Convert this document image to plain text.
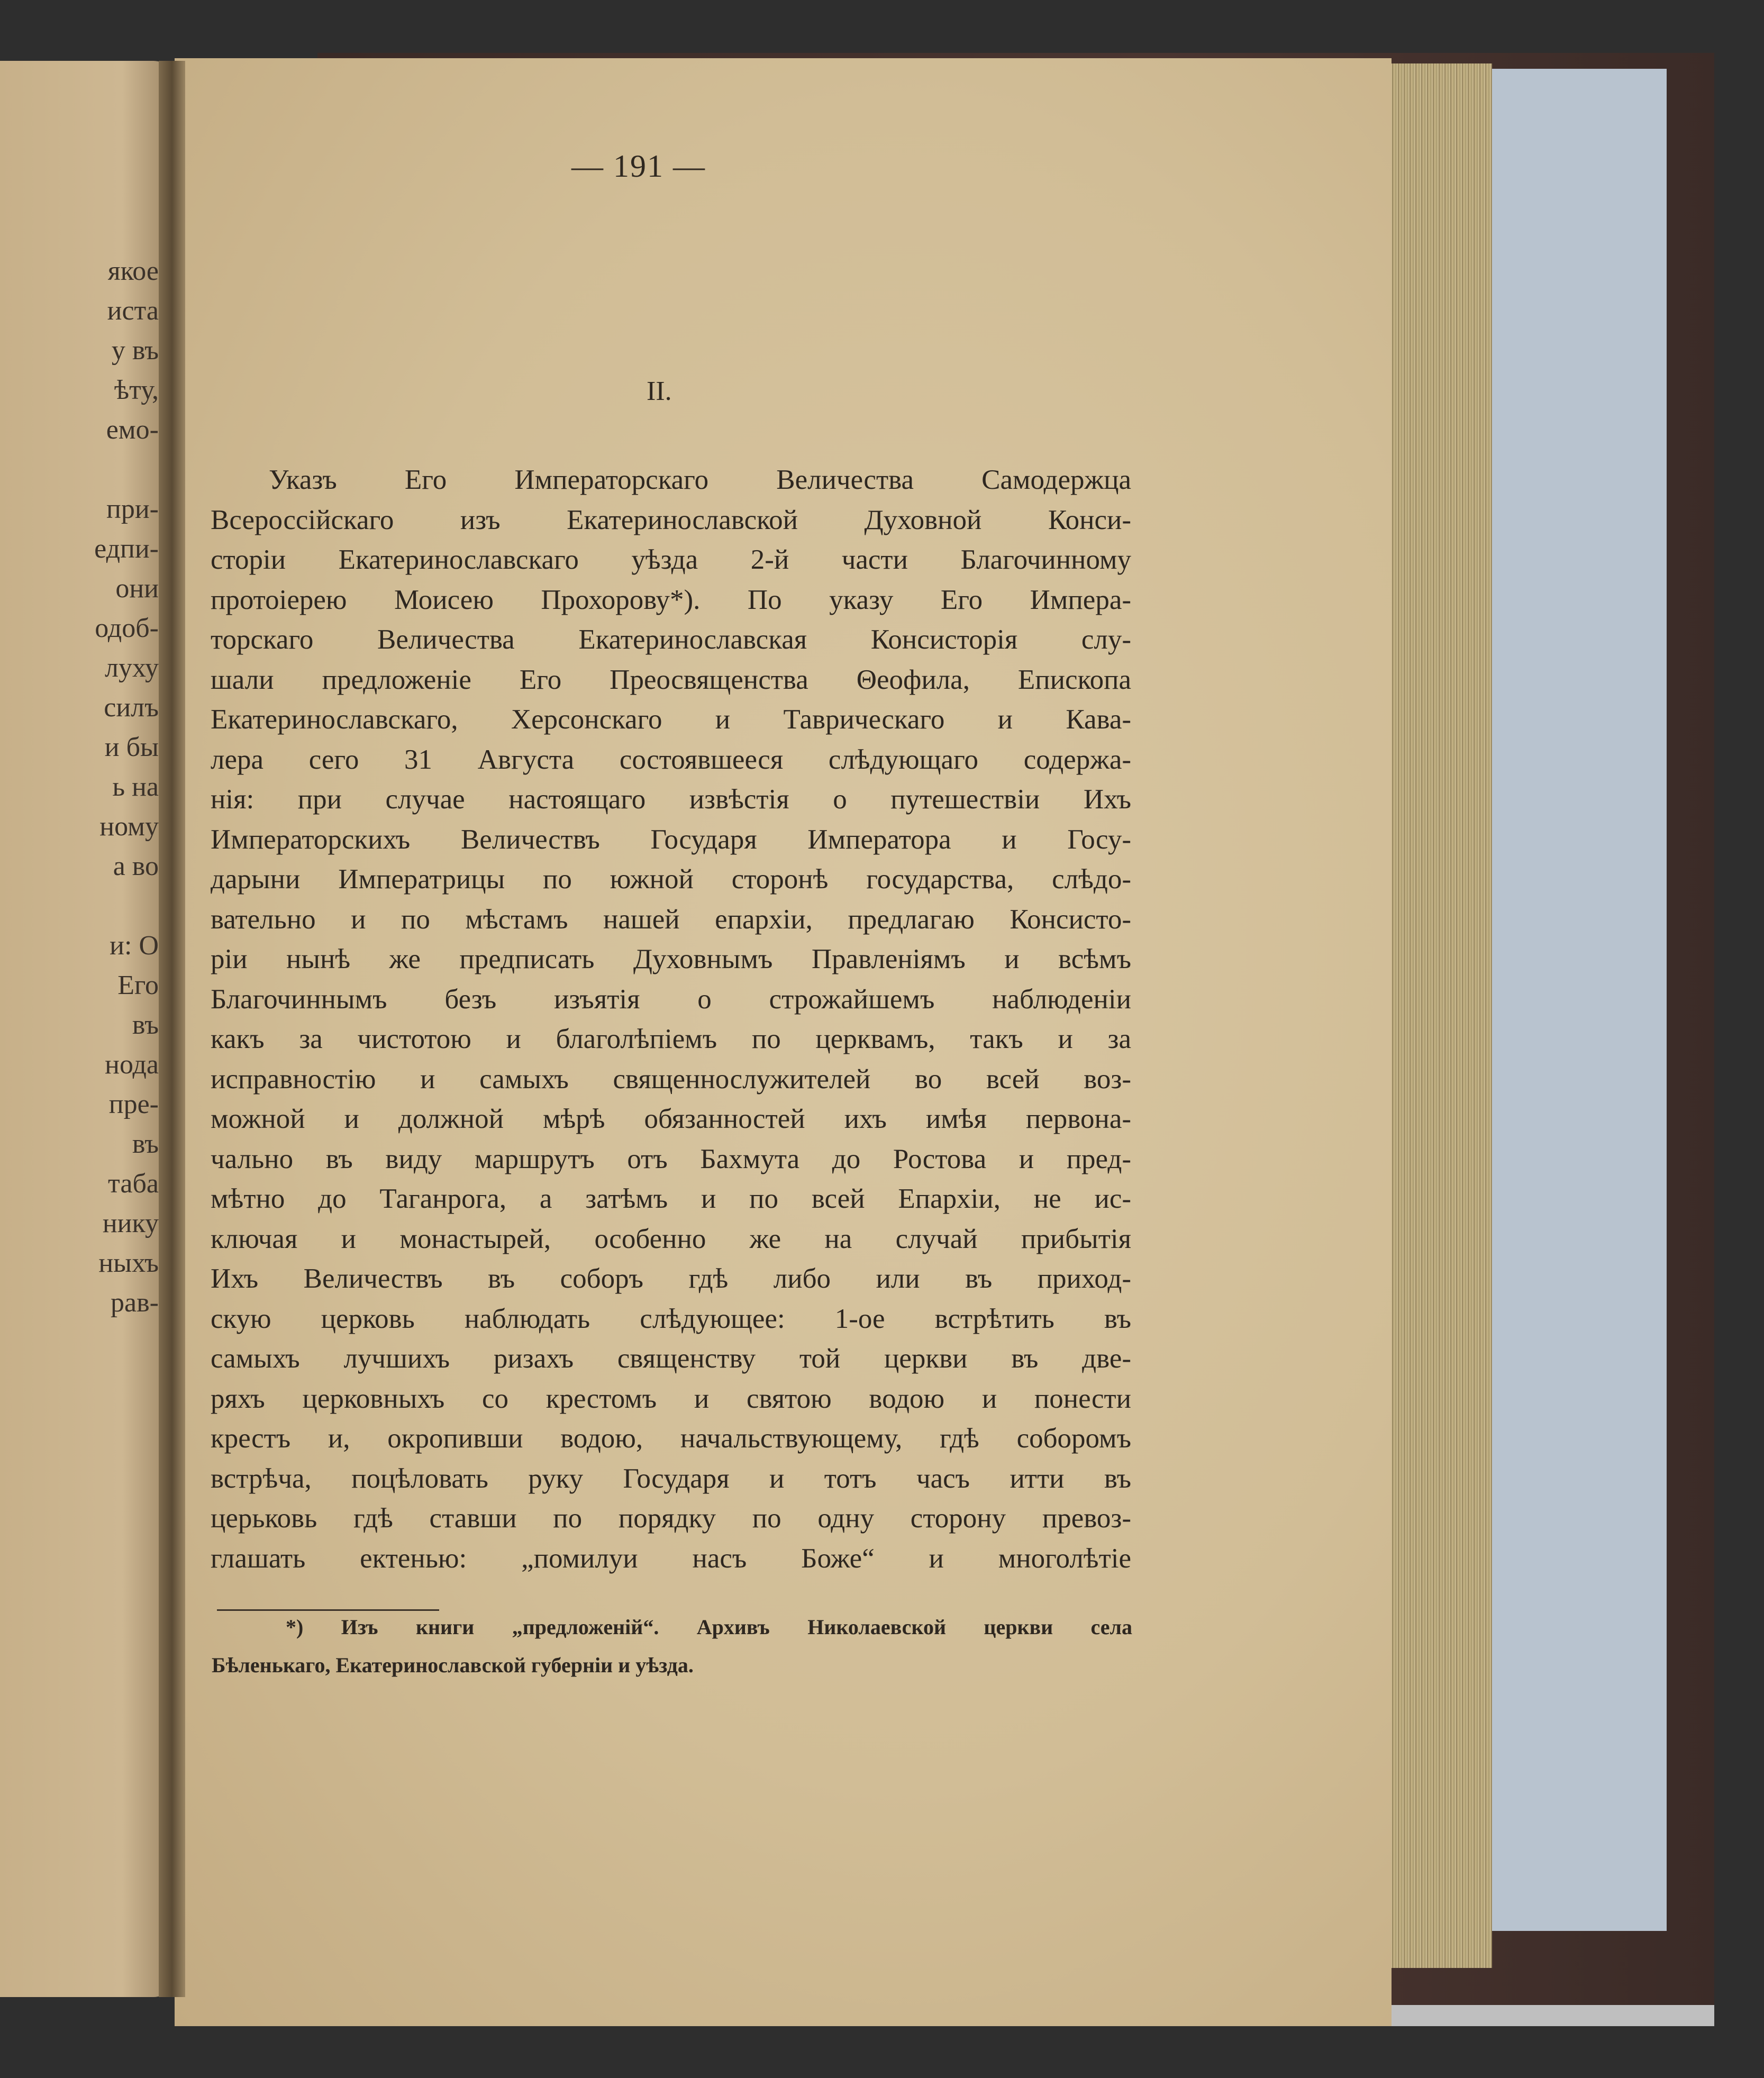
якое
иста
у въ
ѣту,
емо-
при-
едпи-
они
одоб-
луху
силъ
и бы
ь на
ному
а во
и: О
Его
въ
нода
пре-
въ
таба
нику
ныхъ
рав-
— 191 —
II.
Указъ Его Императорскаго Величества Самодержца
Всероссійскаго изъ Екатеринославской Духовной Конси-
сторіи Екатеринославскаго уѣзда 2-й части Благочинному
протоіерею Моисею Прохорову*). По указу Его Импера-
торскаго Величества Екатеринославская Консисторія слу-
шали предложеніе Его Преосвященства Θеофила, Епископа
Екатеринославскаго, Херсонскаго и Таврическаго и Кава-
лера сего 31 Августа состоявшееся слѣдующаго содержа-
нія: при случае настоящаго извѣстія о путешествіи Ихъ
Императорскихъ Величествъ Государя Императора и Госу-
дарыни Императрицы по южной сторонѣ государства, слѣдо-
вательно и по мѣстамъ нашей епархіи, предлагаю Консисто-
ріи нынѣ же предписать Духовнымъ Правленіямъ и всѣмъ
Благочиннымъ безъ изъятія о строжайшемъ наблюденіи
какъ за чистотою и благолѣпіемъ по церквамъ, такъ и за
исправностію и самыхъ священнослужителей во всей воз-
можной и должной мѣрѣ обязанностей ихъ имѣя первона-
чально въ виду маршрутъ отъ Бахмута до Ростова и пред-
мѣтно до Таганрога, а затѣмъ и по всей Епархіи, не ис-
ключая и монастырей, особенно же на случай прибытія
Ихъ Величествъ въ соборъ гдѣ либо или въ приход-
скую церковь наблюдать слѣдующее: 1-ое встрѣтить въ
самыхъ лучшихъ ризахъ священству той церкви въ две-
ряхъ церковныхъ со крестомъ и святою водою и понести
крестъ и, окропивши водою, начальствующему, гдѣ соборомъ
встрѣча, поцѣловать руку Государя и тотъ часъ итти въ
церьковь гдѣ ставши по порядку по одну сторону превоз-
глашать ектенью: „помилуи насъ Боже“ и многолѣтіе
*) Изъ книги „предложеній“. Архивъ Николаевской церкви села
Бѣленькаго, Екатеринославской губерніи и уѣзда.
